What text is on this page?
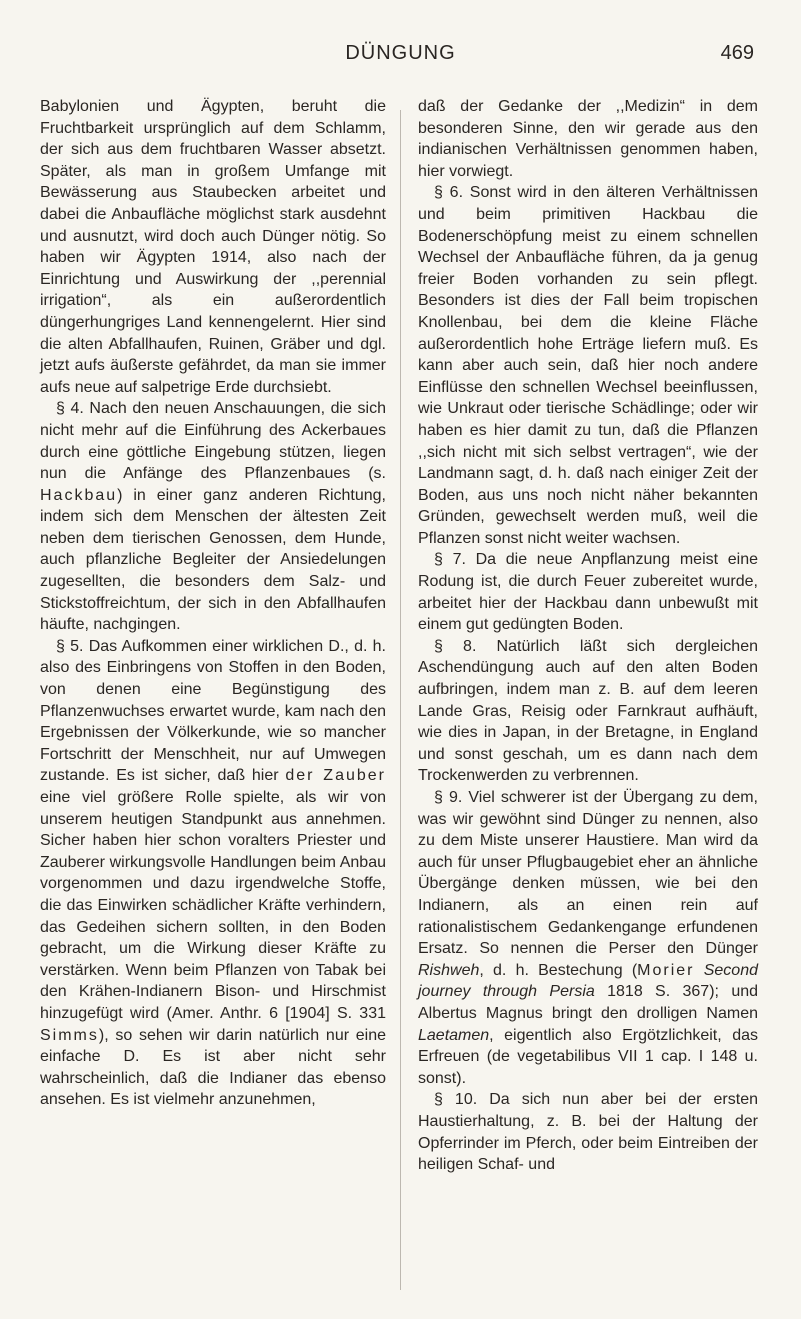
DÜNGUNG	469

Babylonien und Ägypten, beruht die Fruchtbarkeit ursprünglich auf dem Schlamm, der sich aus dem fruchtbaren Wasser absetzt. Später, als man in großem Umfange mit Bewässerung aus Staubecken arbeitet und dabei die Anbaufläche möglichst stark ausdehnt und ausnutzt, wird doch auch Dünger nötig. So haben wir Ägypten 1914, also nach der Einrichtung und Auswirkung der ,,perennial irrigation“, als ein außerordentlich düngerhungriges Land kennengelernt. Hier sind die alten Abfallhaufen, Ruinen, Gräber und dgl. jetzt aufs äußerste gefährdet, da man sie immer aufs neue auf salpetrige Erde durchsiebt.

§ 4. Nach den neuen Anschauungen, die sich nicht mehr auf die Einführung des Ackerbaues durch eine göttliche Eingebung stützen, liegen nun die Anfänge des Pflanzenbaues (s. Hackbau) in einer ganz anderen Richtung, indem sich dem Menschen der ältesten Zeit neben dem tierischen Genossen, dem Hunde, auch pflanzliche Begleiter der Ansiedelungen zugesellten, die besonders dem Salz- und Stickstoffreichtum, der sich in den Abfallhaufen häufte, nachgingen.

§ 5. Das Aufkommen einer wirklichen D., d. h. also des Einbringens von Stoffen in den Boden, von denen eine Begünstigung des Pflanzenwuchses erwartet wurde, kam nach den Ergebnissen der Völkerkunde, wie so mancher Fortschritt der Menschheit, nur auf Umwegen zustande. Es ist sicher, daß hier der Zauber eine viel größere Rolle spielte, als wir von unserem heutigen Standpunkt aus annehmen. Sicher haben hier schon voralters Priester und Zauberer wirkungsvolle Handlungen beim Anbau vorgenommen und dazu irgendwelche Stoffe, die das Einwirken schädlicher Kräfte verhindern, das Gedeihen sichern sollten, in den Boden gebracht, um die Wirkung dieser Kräfte zu verstärken. Wenn beim Pflanzen von Tabak bei den Krähen-Indianern Bison- und Hirschmist hinzugefügt wird (Amer. Anthr. 6 [1904] S. 331 Simms), so sehen wir darin natürlich nur eine einfache D. Es ist aber nicht sehr wahrscheinlich, daß die Indianer das ebenso ansehen. Es ist vielmehr anzunehmen,

daß der Gedanke der ,,Medizin“ in dem besonderen Sinne, den wir gerade aus den indianischen Verhältnissen genommen haben, hier vorwiegt.

§ 6. Sonst wird in den älteren Verhältnissen und beim primitiven Hackbau die Bodenerschöpfung meist zu einem schnellen Wechsel der Anbaufläche führen, da ja genug freier Boden vorhanden zu sein pflegt. Besonders ist dies der Fall beim tropischen Knollenbau, bei dem die kleine Fläche außerordentlich hohe Erträge liefern muß. Es kann aber auch sein, daß hier noch andere Einflüsse den schnellen Wechsel beeinflussen, wie Unkraut oder tierische Schädlinge; oder wir haben es hier damit zu tun, daß die Pflanzen ,,sich nicht mit sich selbst vertragen“, wie der Landmann sagt, d. h. daß nach einiger Zeit der Boden, aus uns noch nicht näher bekannten Gründen, gewechselt werden muß, weil die Pflanzen sonst nicht weiter wachsen.

§ 7. Da die neue Anpflanzung meist eine Rodung ist, die durch Feuer zubereitet wurde, arbeitet hier der Hackbau dann unbewußt mit einem gut gedüngten Boden.

§ 8. Natürlich läßt sich dergleichen Aschendüngung auch auf den alten Boden aufbringen, indem man z. B. auf dem leeren Lande Gras, Reisig oder Farnkraut aufhäuft, wie dies in Japan, in der Bretagne, in England und sonst geschah, um es dann nach dem Trockenwerden zu verbrennen.

§ 9. Viel schwerer ist der Übergang zu dem, was wir gewöhnt sind Dünger zu nennen, also zu dem Miste unserer Haustiere. Man wird da auch für unser Pflugbaugebiet eher an ähnliche Übergänge denken müssen, wie bei den Indianern, als an einen rein auf rationalistischem Gedankengange erfundenen Ersatz. So nennen die Perser den Dünger Rishweh, d. h. Bestechung (Morier Second journey through Persia 1818 S. 367); und Albertus Magnus bringt den drolligen Namen Laetamen, eigentlich also Ergötzlichkeit, das Erfreuen (de vegetabilibus VII 1 cap. I 148 u. sonst).

§ 10. Da sich nun aber bei der ersten Haustierhaltung, z. B. bei der Haltung der Opferrinder im Pferch, oder beim Eintreiben der heiligen Schaf- und
